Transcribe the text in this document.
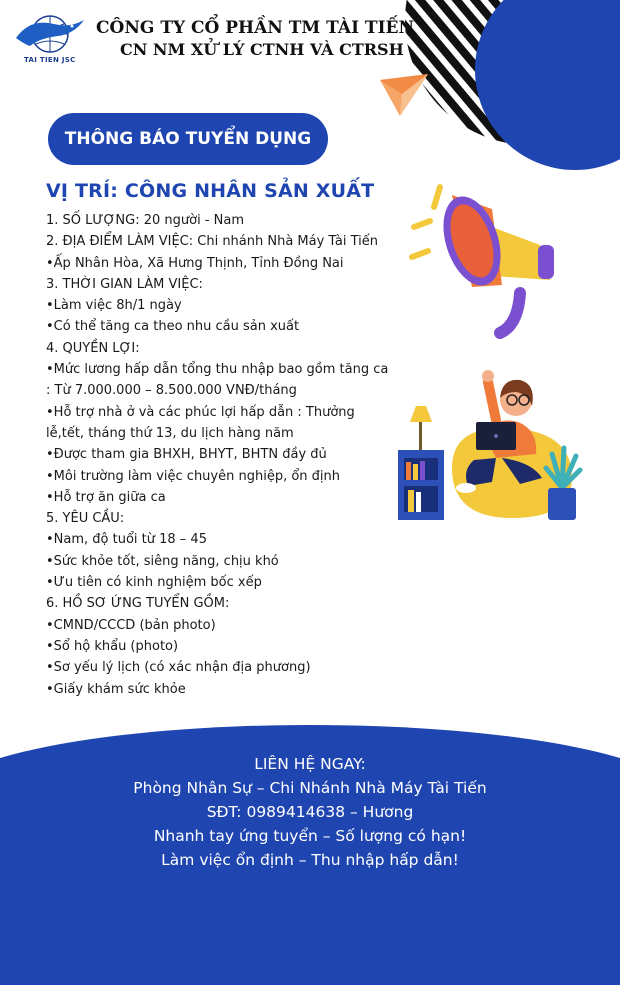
TAI TIEN JSC
CÔNG TY CỔ PHẦN TM TÀI TIẾN
CN NM XỬ LÝ CTNH VÀ CTRSH
THÔNG BÁO TUYỂN DỤNG
VỊ TRÍ: CÔNG NHÂN SẢN XUẤT
1. SỐ LƯỢNG: 20 người - Nam
2. ĐỊA ĐIỂM LÀM VIỆC: Chi nhánh Nhà Máy Tài Tiến
•Ấp Nhân Hòa, Xã Hưng Thịnh, Tỉnh Đồng Nai
3. THỜI GIAN LÀM VIỆC:
•Làm việc 8h/1 ngày
•Có thể tăng ca theo nhu cầu sản xuất
4. QUYỀN LỢI:
•Mức lương hấp dẫn tổng thu nhập bao gồm tăng ca : Từ 7.000.000 – 8.500.000 VNĐ/tháng
•Hỗ trợ nhà ở và các phúc lợi hấp dẫn : Thưởng lễ,tết, tháng thứ 13, du lịch hàng năm
•Được tham gia BHXH, BHYT, BHTN đầy đủ
•Môi trường làm việc chuyên nghiệp, ổn định
•Hỗ trợ ăn giữa ca
5. YÊU CẦU:
•Nam, độ tuổi từ 18 – 45
•Sức khỏe tốt, siêng năng, chịu khó
•Ưu tiên có kinh nghiệm bốc xếp
6. HỒ SƠ ỨNG TUYỂN GỒM:
•CMND/CCCD (bản photo)
•Sổ hộ khẩu (photo)
•Sơ yếu lý lịch (có xác nhận địa phương)
•Giấy khám sức khỏe
LIÊN HỆ NGAY:
Phòng Nhân Sự – Chi Nhánh Nhà Máy Tài Tiến
SĐT: 0989414638 – Hương
Nhanh tay ứng tuyển – Số lượng có hạn!
Làm việc ổn định – Thu nhập hấp dẫn!
